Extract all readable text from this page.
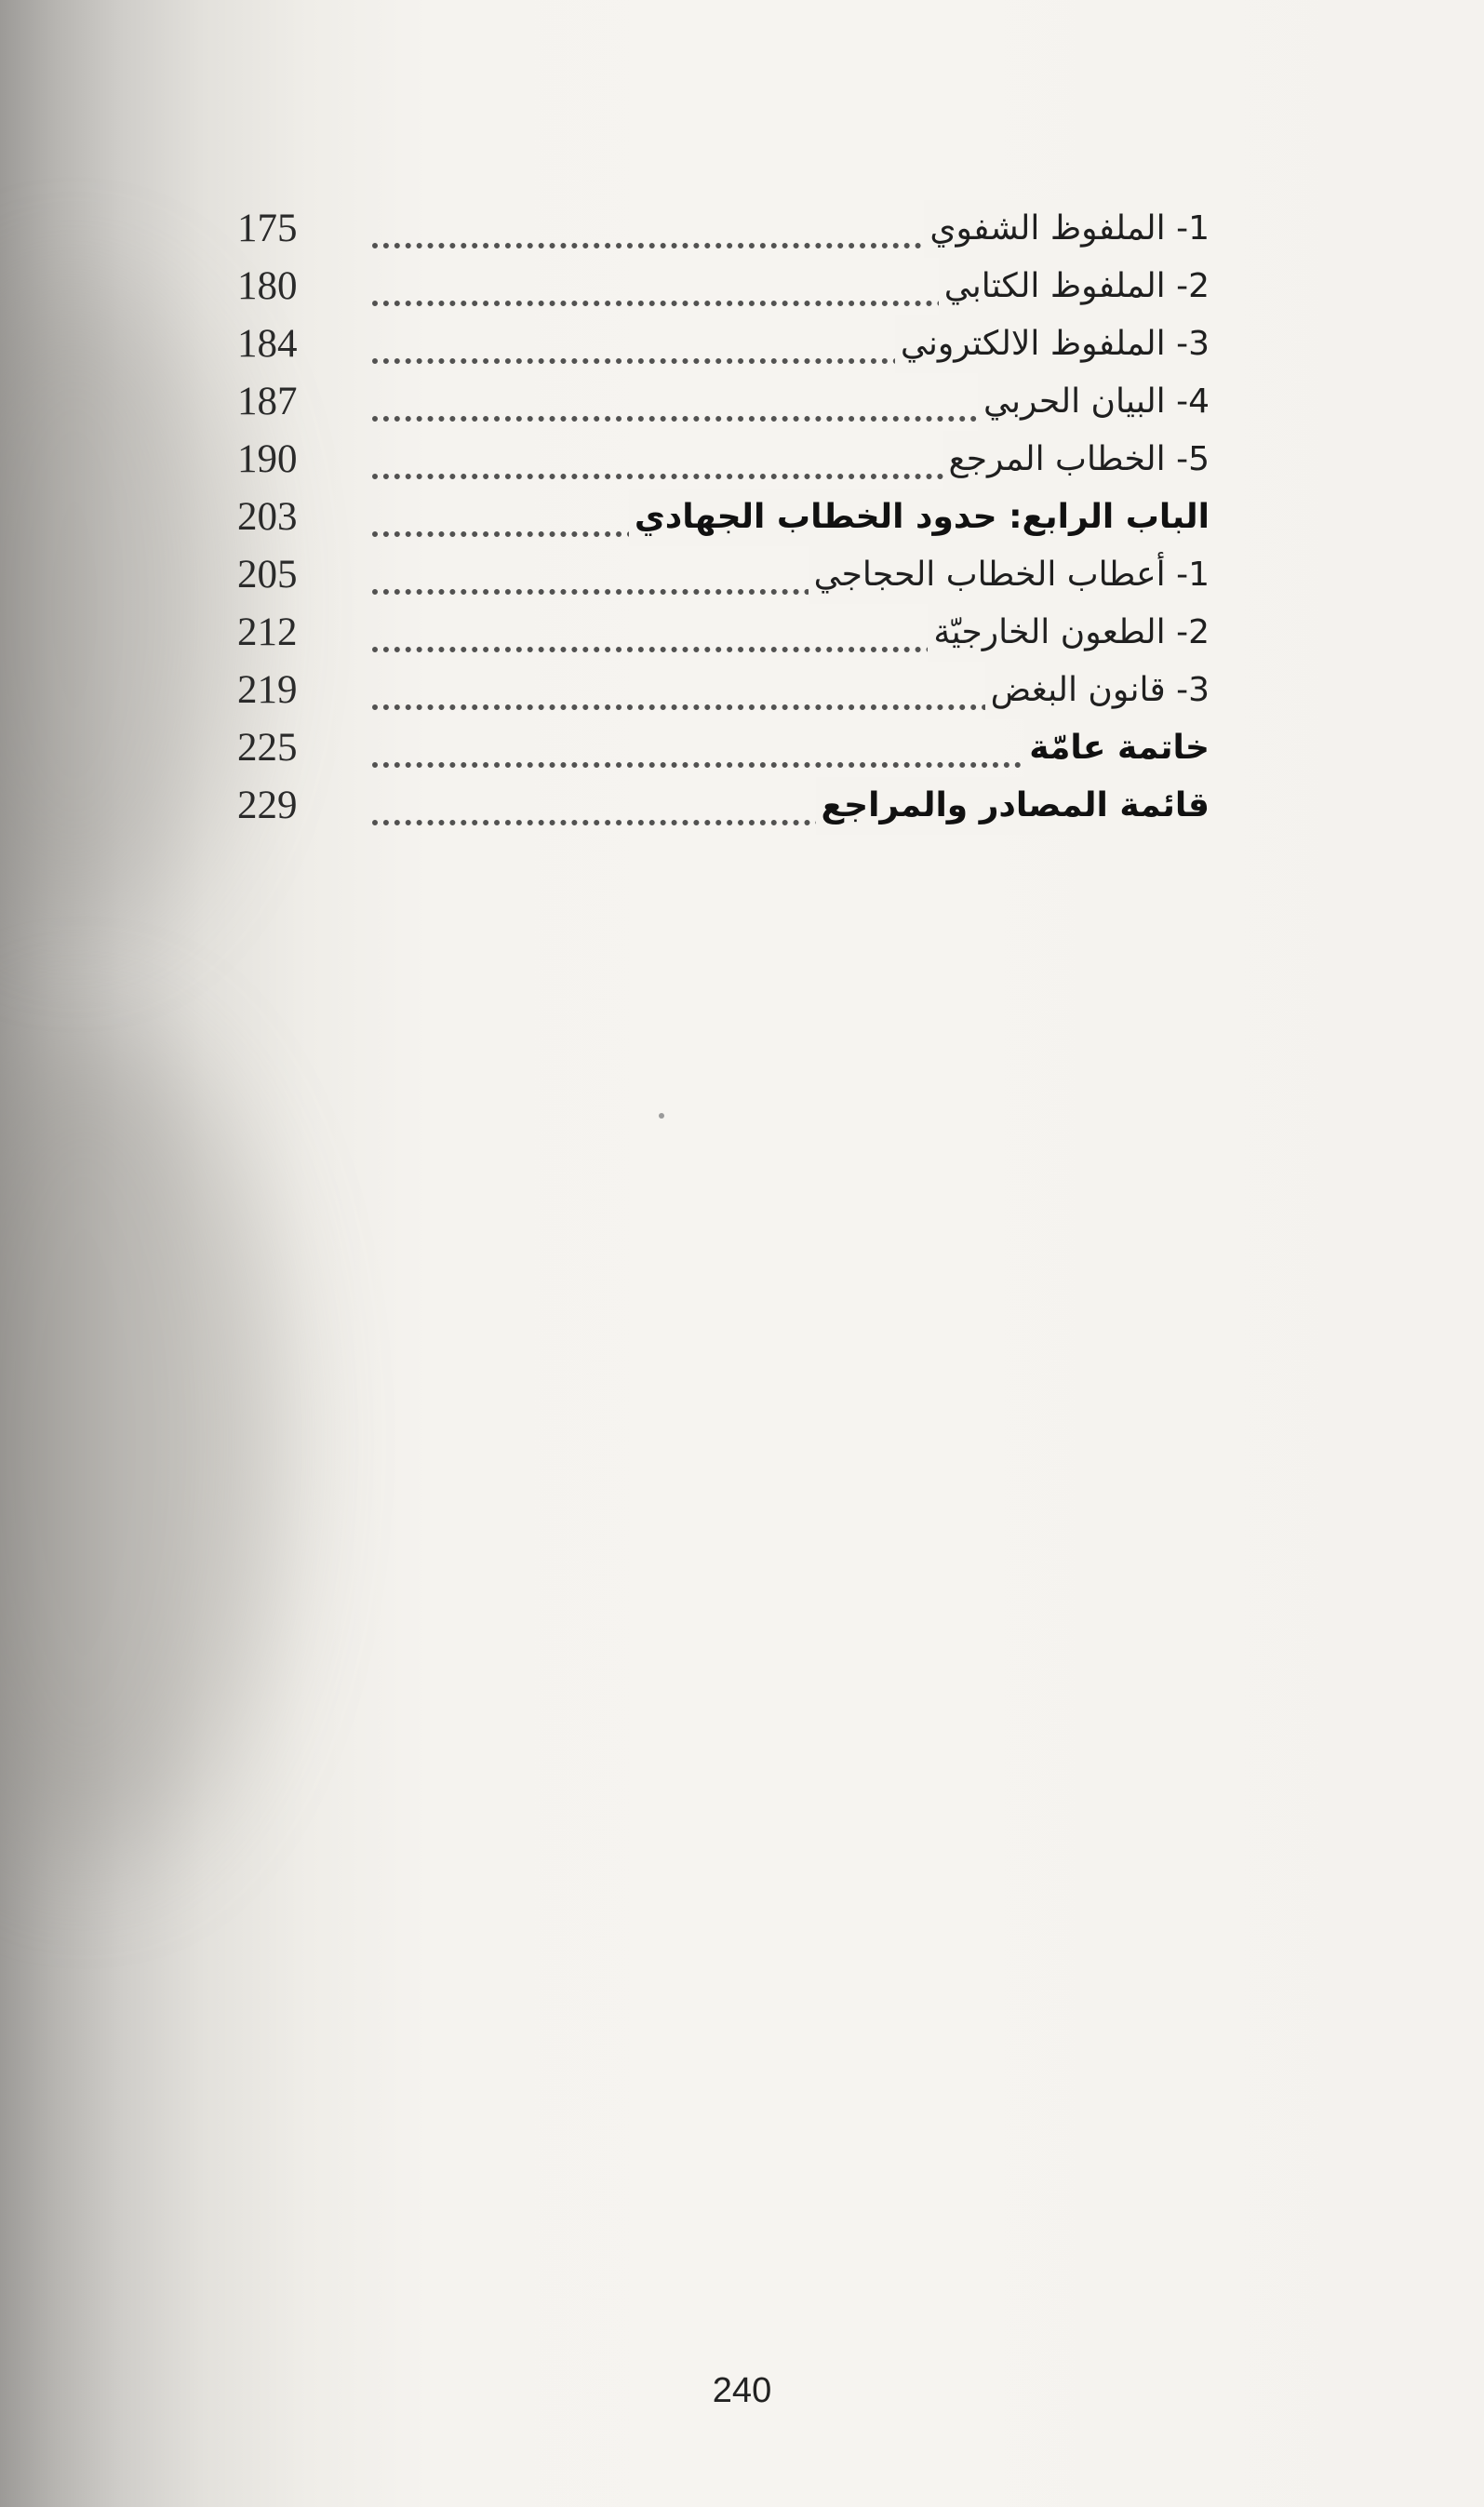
1- الملفوظ الشفوي
175
2- الملفوظ الكتابي
180
3- الملفوظ الالكتروني
184
4- البيان الحربي
187
5- الخطاب المرجع
190
الباب الرابع: حدود الخطاب الجهادي
203
1- أعطاب الخطاب الحجاجي
205
2- الطعون الخارجيّة
212
3- قانون البغض
219
خاتمة عامّة
225
قائمة المصادر والمراجع
229
240
